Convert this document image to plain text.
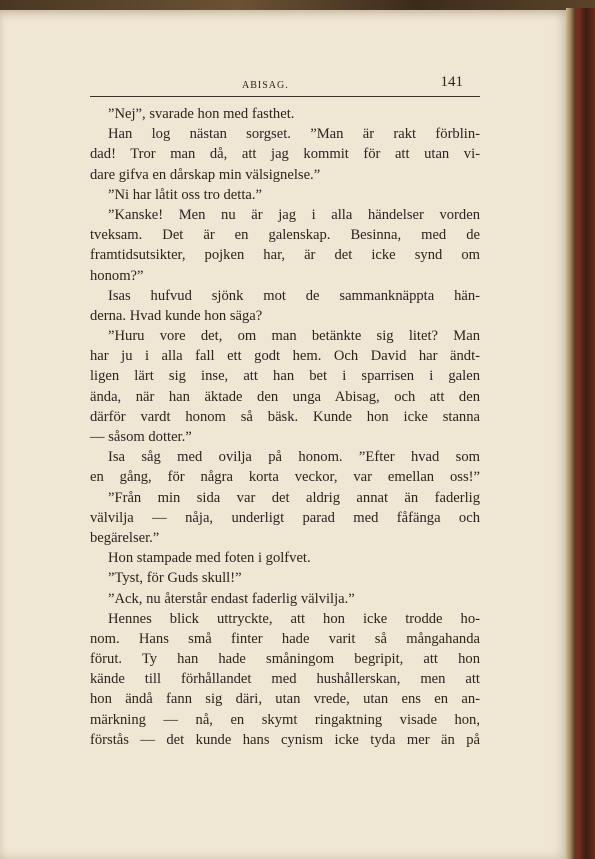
ABISAG.	141
”Nej”, svarade hon med fasthet.
Han log nästan sorgset. ”Man är rakt förblin-
dad! Tror man då, att jag kommit för att utan vi-
dare gifva en dårskap min välsignelse.”
”Ni har låtit oss tro detta.”
”Kanske! Men nu är jag i alla händelser vorden
tveksam. Det är en galenskap. Besinna, med de
framtidsutsikter, pojken har, är det icke synd om
honom?”
Isas hufvud sjönk mot de sammanknäppta hän-
derna. Hvad kunde hon säga?
”Huru vore det, om man betänkte sig litet? Man
har ju i alla fall ett godt hem. Och David har ändt-
ligen lärt sig inse, att han bet i sparrisen i galen
ända, när han äktade den unga Abisag, och att den
därför vardt honom så bäsk. Kunde hon icke stanna
— såsom dotter.”
Isa såg med ovilja på honom. ”Efter hvad som
en gång, för några korta veckor, var emellan oss!”
”Från min sida var det aldrig annat än faderlig
välvilja — nåja, underligt parad med fåfänga och
begärelser.”
Hon stampade med foten i golfvet.
”Tyst, för Guds skull!”
”Ack, nu återstår endast faderlig välvilja.”
Hennes blick uttryckte, att hon icke trodde ho-
nom. Hans små finter hade varit så mångahanda
förut. Ty han hade småningom begripit, att hon
kände till förhållandet med hushållerskan, men att
hon ändå fann sig däri, utan vrede, utan ens en an-
märkning — nå, en skymt ringaktning visade hon,
förstås — det kunde hans cynism icke tyda mer än på
